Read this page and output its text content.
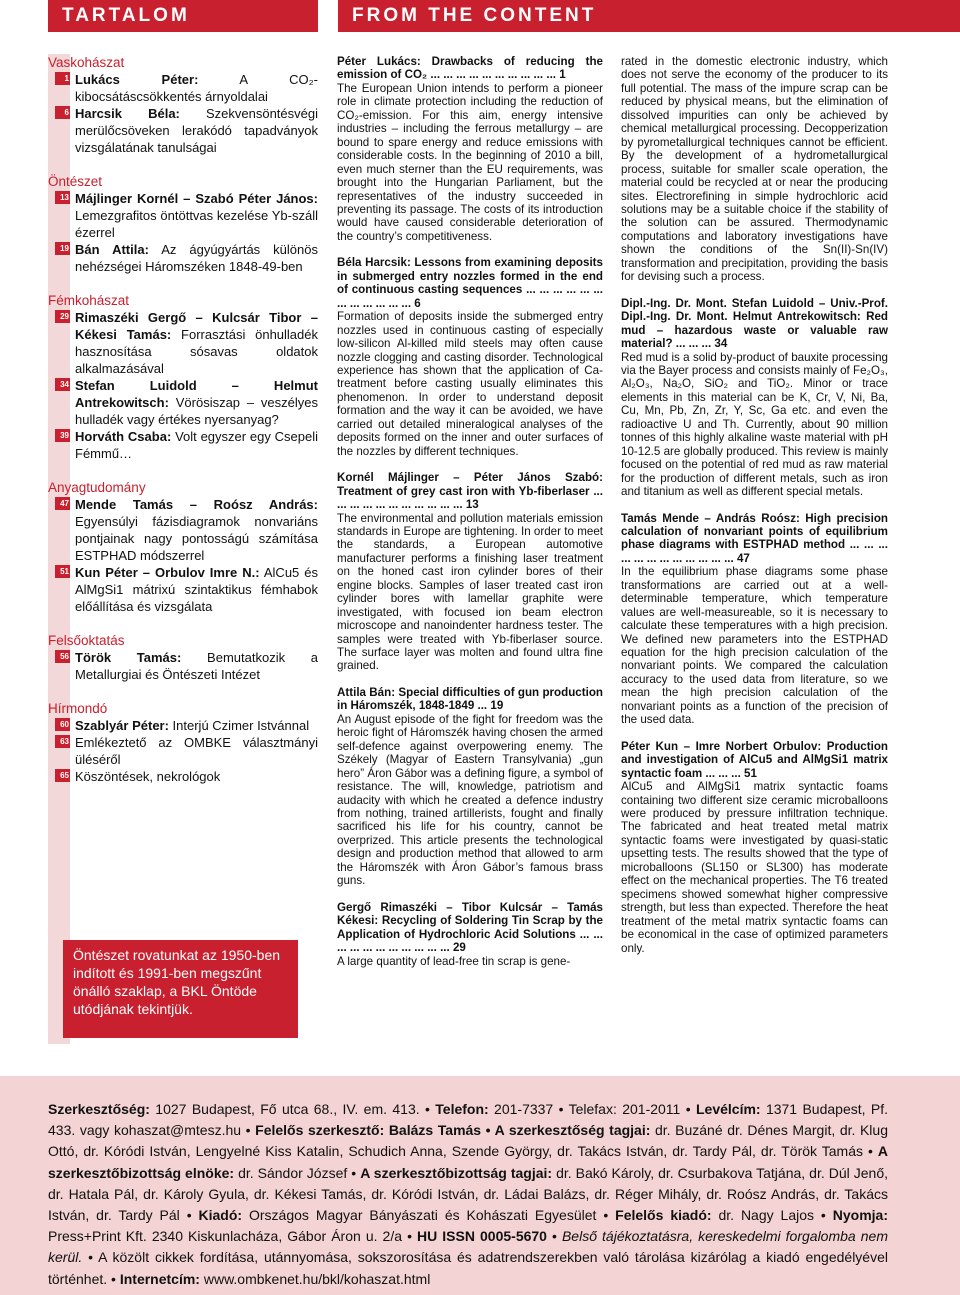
TARTALOM	FROM THE CONTENT

Vaskohászat

1 Lukács Péter: A CO₂-kibocsátáscsökkentés árnyoldalai

6 Harcsik Béla: Szekvensöntésvégi merülőcsöveken lerakódó tapadványok vizsgálatának tanulságai

Öntészet

13 Májlinger Kornél – Szabó Péter János: Lemezgrafitos öntöttvas kezelése Yb-száll ézerrel

19 Bán Attila: Az ágyúgyártás különös nehézségei Háromszéken 1848-49-ben

Fémkohászat

29 Rimaszéki Gergő – Kulcsár Tibor – Kékesi Tamás: Forrasztási önhulladék hasznosítása sósavas oldatok alkalmazásával

34 Stefan Luidold – Helmut Antrekowitsch: Vörösiszap – veszélyes hulladék vagy értékes nyersanyag?

39 Horváth Csaba: Volt egyszer egy Csepeli Fémmű…

Anyagtudomány

47 Mende Tamás – Roósz András: Egyensúlyi fázisdiagramok nonvariáns pontjainak nagy pontosságú számítása ESTPHAD módszerrel

51 Kun Péter – Orbulov Imre N.: AlCu5 és AlMgSi1 mátrixú szintaktikus fémhabok előállítása és vizsgálata

Felsőoktatás

56 Török Tamás: Bemutatkozik a Metallurgiai és Öntészeti Intézet

Hírmondó

60 Szablyár Péter: Interjú Czimer Istvánnal

63 Emlékeztető az OMBKE választmányi üléséről

65 Köszöntések, nekrológok

Öntészet rovatunkat az 1950-ben indított és 1991-ben megszűnt önálló szaklap, a BKL Öntöde utódjának tekintjük.

Péter Lukács: Drawbacks of reducing the emission of CO₂ ... ... ... ... ... ... ... ... ... ... 1

The European Union intends to perform a pioneer role in climate protection including the reduction of CO₂-emission. For this aim, energy intensive industries – including the ferrous metallurgy – are bound to spare energy and reduce emissions with considerable costs. In the beginning of 2010 a bill, even much sterner than the EU requirements, was brought into the Hungarian Parliament, but the representatives of the industry succeeded in preventing its passage. The costs of its introduction would have caused considerable deterioration of the country’s competitiveness.

Béla Harcsik: Lessons from examining deposits in submerged entry nozzles formed in the end of continuous casting sequences ... ... ... ... ... ... ... ... ... ... ... ... 6

Formation of deposits inside the submerged entry nozzles used in continuous casting of especially low-silicon Al-killed mild steels may often cause nozzle clogging and casting disorder. Technological experience has shown that the application of Ca-treatment before casting usually eliminates this phenomenon. In order to understand deposit formation and the way it can be avoided, we have carried out detailed mineralogical analyses of the deposits formed on the inner and outer surfaces of the nozzles by different techniques.

Kornél Májlinger – Péter János Szabó: Treatment of grey cast iron with Yb-fiberlaser ... ... ... ... ... ... ... ... ... ... ... 13

The environmental and pollution materials emission standards in Europe are tightening. In order to meet the standards, a European automotive manufacturer performs a finishing laser treatment on the honed cast iron cylinder bores of their engine blocks. Samples of laser treated cast iron cylinder bores with lamellar graphite were investigated, with focused ion beam electron microscope and nanoindenter hardness tester. The samples were treated with Yb-fiberlaser source. The surface layer was molten and found ultra fine grained.

Attila Bán: Special difficulties of gun production in Háromszék, 1848-1849 ... 19

An August episode of the fight for freedom was the heroic fight of Háromszék having chosen the armed self-defence against overpowering enemy. The Székely (Magyar of Eastern Transylvania) „gun hero” Áron Gábor was a defining figure, a symbol of resistance. The will, knowledge, patriotism and audacity with which he created a defence industry from nothing, trained artillerists, fought and finally sacrificed his life for his country, cannot be overprized. This article presents the technological design and production method that allowed to arm the Háromszék with Áron Gábor’s famous brass guns.

Gergő Rimaszéki – Tibor Kulcsár – Tamás Kékesi: Recycling of Soldering Tin Scrap by the Application of Hydrochloric Acid Solutions ... ... ... ... ... ... ... ... ... ... ... 29

A large quantity of lead-free tin scrap is gene-

rated in the domestic electronic industry, which does not serve the economy of the producer to its full potential. The mass of the impure scrap can be reduced by physical means, but the elimination of dissolved impurities can only be achieved by chemical metallurgical processing. Decopperization by pyrometallurgical techniques cannot be efficient. By the development of a hydrometallurgical process, suitable for smaller scale operation, the material could be recycled at or near the producing sites. Electrorefining in simple hydrochloric acid solutions may be a suitable choice if the stability of the solution can be assured. Thermodynamic computations and laboratory investigations have shown the conditions of the Sn(II)-Sn(IV) transformation and precipitation, providing the basis for devising such a process.

Dipl.-Ing. Dr. Mont. Stefan Luidold – Univ.-Prof. Dipl.-Ing. Dr. Mont. Helmut Antrekowitsch: Red mud – hazardous waste or valuable raw material? ... ... ... 34

Red mud is a solid by-product of bauxite processing via the Bayer process and consists mainly of Fe₂O₃, Al₂O₃, Na₂O, SiO₂ and TiO₂. Minor or trace elements in this material can be K, Cr, V, Ni, Ba, Cu, Mn, Pb, Zn, Zr, Y, Sc, Ga etc. and even the radioactive U and Th. Currently, about 90 million tonnes of this highly alkaline waste material with pH 10-12.5 are globally produced. This review is mainly focused on the potential of red mud as raw material for the production of different metals, such as iron and titanium as well as different special metals.

Tamás Mende – András Roósz: High precision calculation of nonvariant points of equilibrium phase diagrams with ESTPHAD method ... ... ... ... ... ... ... ... ... ... ... ... 47

In the equilibrium phase diagrams some phase transformations are carried out at a well-determinable temperature, which temperature values are well-measureable, so it is necessary to calculate these temperatures with a high precision. We defined new parameters into the ESTPHAD equation for the high precision calculation of the nonvariant points. We compared the calculation accuracy to the used data from literature, so we mean the high precision calculation of the nonvariant points as a function of the precision of the used data.

Péter Kun – Imre Norbert Orbulov: Production and investigation of AlCu5 and AlMgSi1 matrix syntactic foam ... ... ... 51

AlCu5 and AlMgSi1 matrix syntactic foams containing two different size ceramic microballoons were produced by pressure infiltration technique. The fabricated and heat treated metal matrix syntactic foams were investigated by quasi-static upsetting tests. The results showed that the type of microballoons (SL150 or SL300) has moderate effect on the mechanical properties. The T6 treated specimens showed somewhat higher compressive strength, but less than expected. Therefore the heat treatment of the metal matrix syntactic foams can be economical in the case of optimized parameters only.

Szerkesztőség: 1027 Budapest, Fő utca 68., IV. em. 413. • Telefon: 201-7337 • Telefax: 201-2011 • Levélcím: 1371 Budapest, Pf. 433. vagy kohaszat@mtesz.hu • Felelős szerkesztő: Balázs Tamás • A szerkesztőség tagjai: dr. Buzáné dr. Dénes Margit, dr. Klug Ottó, dr. Kóródi István, Lengyelné Kiss Katalin, Schudich Anna, Szende György, dr. Takács István, dr. Tardy Pál, dr. Török Tamás • A szerkesztőbizottság elnöke: dr. Sándor József • A szerkesztőbizottság tagjai: dr. Bakó Károly, dr. Csurbakova Tatjána, dr. Dúl Jenő, dr. Hatala Pál, dr. Károly Gyula, dr. Kékesi Tamás, dr. Kóródi István, dr. Ládai Balázs, dr. Réger Mihály, dr. Roósz András, dr. Takács István, dr. Tardy Pál • Kiadó: Országos Magyar Bányászati és Kohászati Egyesület • Felelős kiadó: dr. Nagy Lajos • Nyomja: Press+Print Kft. 2340 Kiskunlacháza, Gábor Áron u. 2/a • HU ISSN 0005-5670 • Belső tájékoztatásra, kereskedelmi forgalomba nem kerül. • A közölt cikkek fordítása, utánnyomása, sokszorosítása és adatrendszerekben való tárolása kizárólag a kiadó engedélyével történhet. • Internetcím: www.ombkenet.hu/bkl/kohaszat.html
